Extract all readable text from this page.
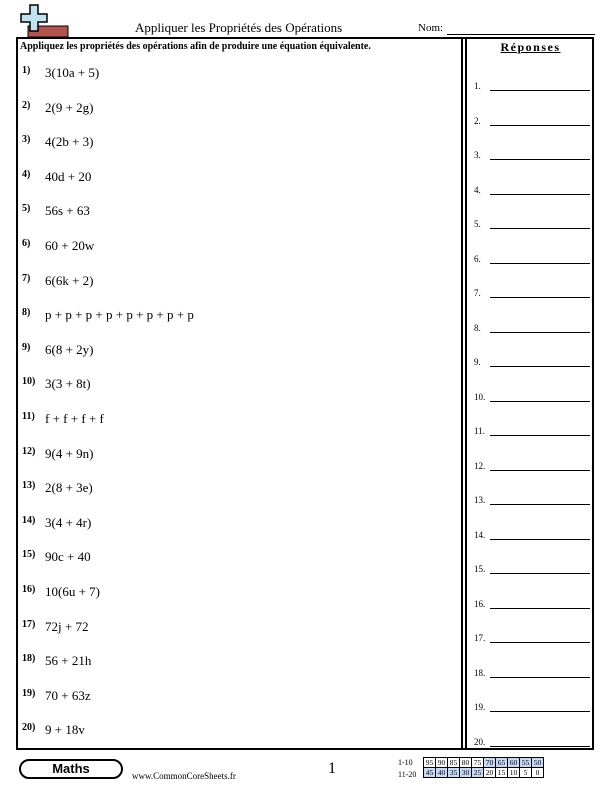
Appliquer les Propriétés des Opérations	Nom:
Appliquez les propriétés des opérations afin de produire une équation équivalente.	Réponses
1) 3(10a + 5)
2) 2(9 + 2g)
3) 4(2b + 3)
4) 40d + 20
5) 56s + 63
6) 60 + 20w
7) 6(6k + 2)
8) p + p + p + p + p + p + p + p
9) 6(8 + 2y)
10) 3(3 + 8t)
11) f + f + f + f
12) 9(4 + 9n)
13) 2(8 + 3e)
14) 3(4 + 4r)
15) 90c + 40
16) 10(6u + 7)
17) 72j + 72
18) 56 + 21h
19) 70 + 63z
20) 9 + 18v
1.
2.
3.
4.
5.
6.
7.
8.
9.
10.
11.
12.
13.
14.
15.
16.
17.
18.
19.
20.
Maths	www.CommonCoreSheets.fr	1	1-10
11-20
95	90	85	80	75	70	65	60	55	50
45	40	35	30	25	20	15	10	5	0
